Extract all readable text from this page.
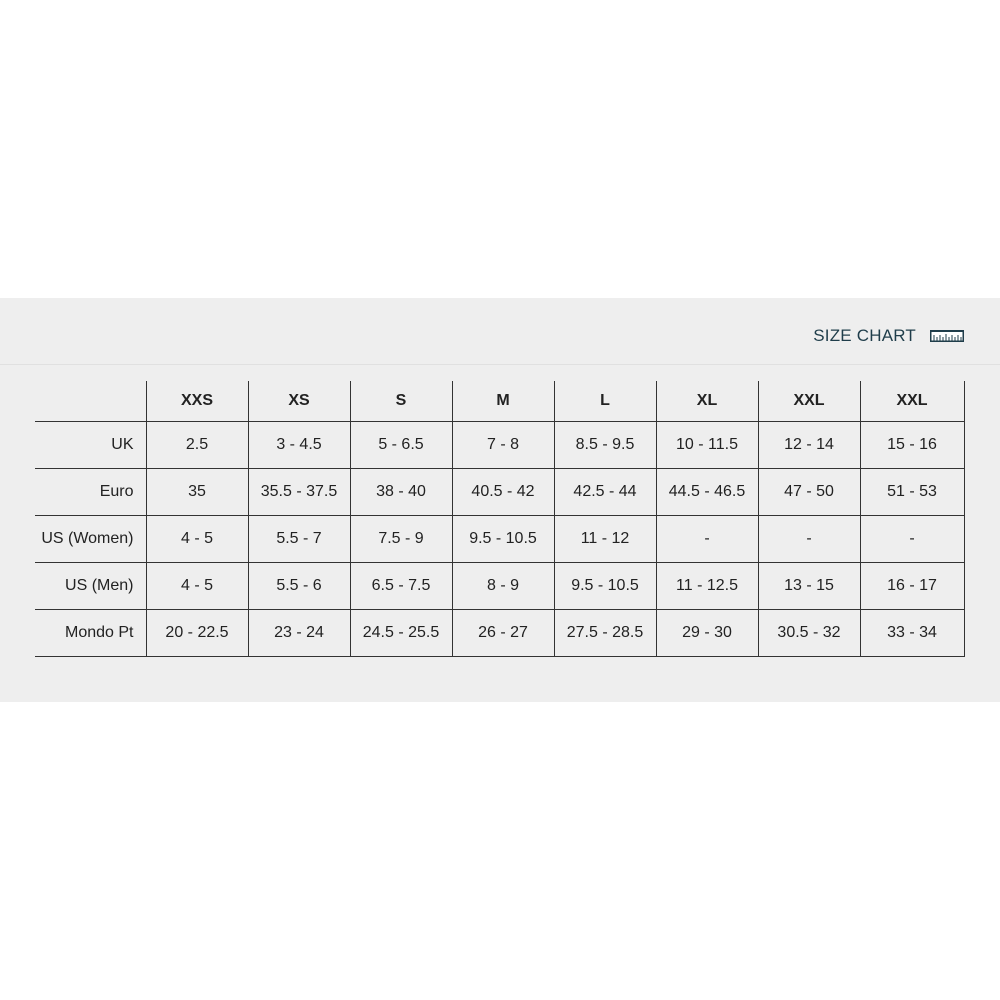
SIZE CHART
	XXS	XS	S	M	L	XL	XXL	XXL
UK	2.5	3 - 4.5	5 - 6.5	7 - 8	8.5 - 9.5	10 - 11.5	12 - 14	15 - 16
Euro	35	35.5 - 37.5	38 - 40	40.5 - 42	42.5 - 44	44.5 - 46.5	47 - 50	51 - 53
US (Women)	4 - 5	5.5 - 7	7.5 - 9	9.5 - 10.5	11 - 12	-	-	-
US (Men)	4 - 5	5.5 - 6	6.5 - 7.5	8 - 9	9.5 - 10.5	11 - 12.5	13 - 15	16 - 17
Mondo Pt	20 - 22.5	23 - 24	24.5 - 25.5	26 - 27	27.5 - 28.5	29 - 30	30.5 - 32	33 - 34
